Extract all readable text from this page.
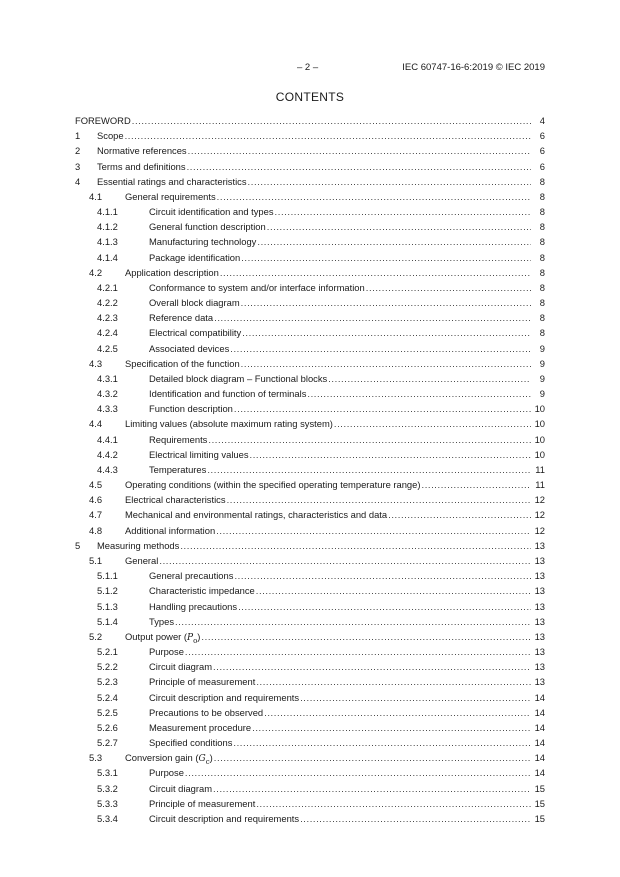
– 2 –	IEC 60747-16-6:2019 © IEC 2019
CONTENTS
FOREWORD .....	4
1 Scope .....	6
2 Normative references .....	6
3 Terms and definitions .....	6
4 Essential ratings and characteristics .....	8
4.1 General requirements .....	8
4.1.1	Circuit identification and types .....	8
4.1.2	General function description .....	8
4.1.3	Manufacturing technology .....	8
4.1.4	Package identification .....	8
4.2 Application description .....	8
4.2.1	Conformance to system and/or interface information .....	8
4.2.2	Overall block diagram .....	8
4.2.3	Reference data .....	8
4.2.4	Electrical compatibility .....	8
4.2.5	Associated devices .....	9
4.3 Specification of the function .....	9
4.3.1	Detailed block diagram – Functional blocks .....	9
4.3.2	Identification and function of terminals .....	9
4.3.3	Function description .....	10
4.4 Limiting values (absolute maximum rating system) .....	10
4.4.1	Requirements .....	10
4.4.2	Electrical limiting values .....	10
4.4.3	Temperatures .....	11
4.5 Operating conditions (within the specified operating temperature range) .....	11
4.6 Electrical characteristics .....	12
4.7 Mechanical and environmental ratings, characteristics and data .....	12
4.8 Additional information .....	12
5 Measuring methods .....	13
5.1 General .....	13
5.1.1	General precautions .....	13
5.1.2	Characteristic impedance .....	13
5.1.3	Handling precautions .....	13
5.1.4	Types .....	13
5.2 Output power $(P_o)$ .....	13
5.2.1	Purpose .....	13
5.2.2	Circuit diagram .....	13
5.2.3	Principle of measurement .....	13
5.2.4	Circuit description and requirements .....	14
5.2.5	Precautions to be observed .....	14
5.2.6	Measurement procedure .....	14
5.2.7	Specified conditions .....	14
5.3 Conversion gain $(G_c)$ .....	14
5.3.1	Purpose .....	14
5.3.2	Circuit diagram .....	15
5.3.3	Principle of measurement .....	15
5.3.4	Circuit description and requirements .....	15
